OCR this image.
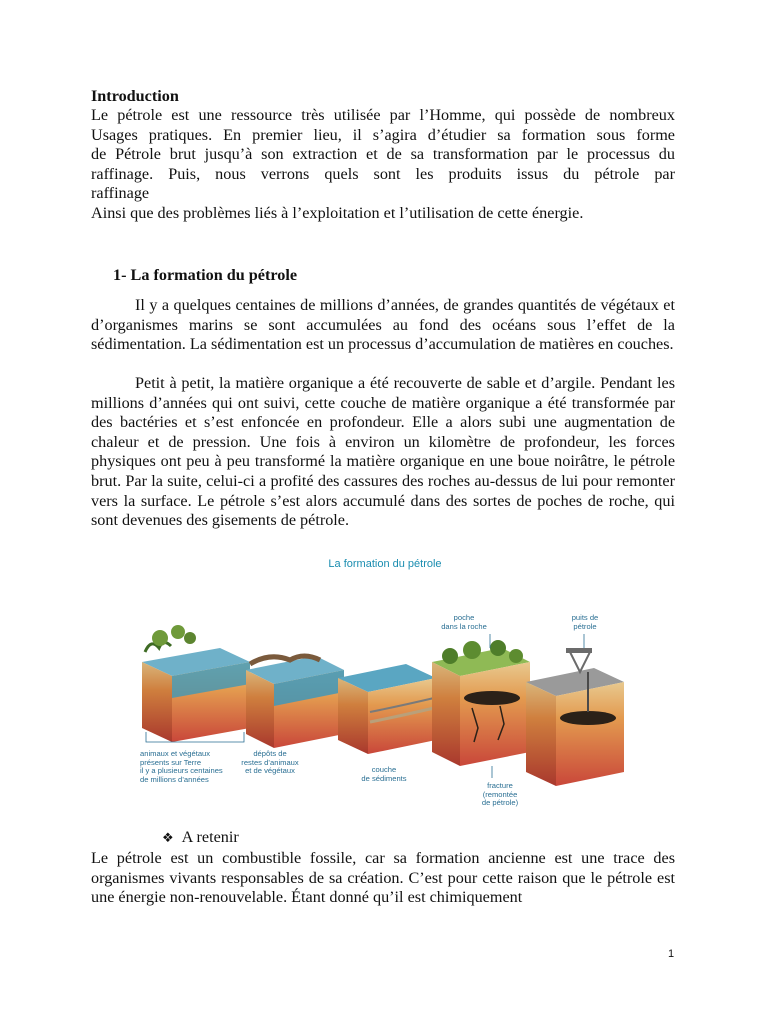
Introduction
Le pétrole est une ressource très utilisée par l’Homme, qui possède de nombreux
Usages pratiques. En premier lieu, il s’agira d’étudier sa formation sous forme
de Pétrole brut jusqu’à son extraction et de sa transformation par le processus du
raffinage. Puis, nous verrons quels sont les produits issus du pétrole par
raffinage
Ainsi que des problèmes liés à l’exploitation et l’utilisation de cette énergie.
1- La formation du pétrole
Il y a quelques centaines de millions d’années, de grandes quantités de végétaux et d’organismes marins se sont accumulées au fond des océans sous l’effet de la sédimentation. La sédimentation est un processus d’accumulation de matières en couches.
Petit à petit, la matière organique a été recouverte de sable et d’argile. Pendant les millions d’années qui ont suivi, cette couche de matière organique a été transformée par des bactéries et s’est enfoncée en profondeur. Elle a alors subi une augmentation de chaleur et de pression. Une fois à environ un kilomètre de profondeur, les forces physiques ont peu à peu transformé la matière organique en une boue noirâtre, le pétrole brut. Par la suite, celui-ci a profité des cassures des roches au-dessus de lui pour remonter vers la surface. Le pétrole s’est alors accumulé dans des sortes de poches de roche, qui sont devenues des gisements de pétrole.
La formation du pétrole
animaux et végétaux
présents sur Terre
il y a plusieurs centaines
de millions d’années
dépôts de
restes d’animaux
et de végétaux	couche
de sédiments
poche
dans la roche
puits de
pétrole
fracture
(remontée
de pétrole)
❖ A retenir
Le pétrole est un combustible fossile, car sa formation ancienne est une trace des organismes vivants responsables de sa création. C’est pour cette raison que le pétrole est une énergie non-renouvelable. Étant donné qu’il est chimiquement
1
